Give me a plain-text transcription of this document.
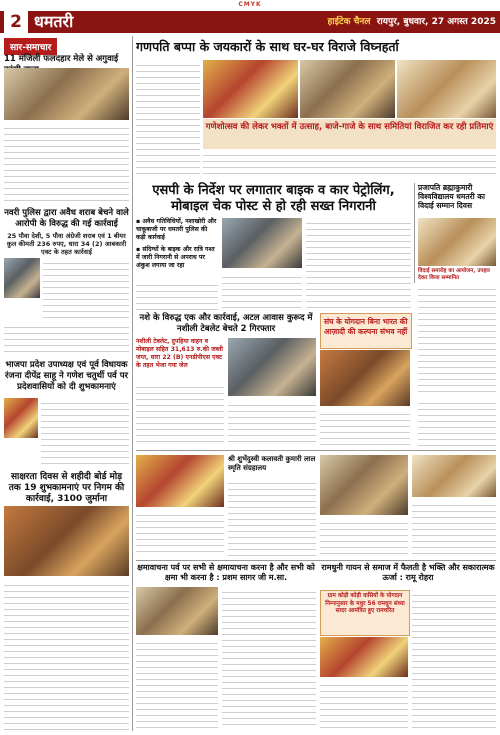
CMYK
2 धमतरी	हाईटेक चैनल रायपुर, बुधवार, 27 अगस्त 2025
सार-समाचार
11 मंजिली फलदहार मेले से अगुवाई
नवरी पुलिस द्वारा अवैध शराब बेचने वाले आरोपी के विरुद्ध की गई कार्रवाई
25 पौवा देशी, 5 पौवा अंग्रेजी शराब एवं 1 बीयर कुल कीमती 236 रुपए, धारा 34 (2) आबकारी एक्ट के तहत कार्रवाई
भाजपा प्रदेश उपाध्यक्ष एवं पूर्व विधायक रंजना दीपेंद्र साहू ने गणेश चतुर्थी पर्व पर प्रदेशवासियों को दी शुभकामनाएं
साक्षरता दिवस से शहीदी बोर्ड मोड़ तक 19 शुभकामनाएं पर निगम की कार्रवाई, 3100 जुर्माना
गणपति बप्पा के जयकारों के साथ घर-घर विराजे विघ्नहर्ता
गणेशोत्सव की लेकर भक्तों में उत्साह, बाजे-गाजे के साथ समितियां विराजित कर रही प्रतिमाएं
एसपी के निर्देश पर लगातार बाइक व कार पेट्रोलिंग, मोबाइल चेक पोस्ट से हो रही सख्त निगरानी
▪ अवैध गतिविधियों, नशाखोरी और चाकूबाजी पर धमतरी पुलिस की कड़ी कार्रवाई
▪ संदिग्धों के बाइक और रात्रि गश्त में जारी निगरानी से अपराध पर अंकुश लगाया जा रहा
प्रजापति ब्रह्माकुमारी विश्वविद्यालय धमतरी का विदाई सम्मान दिवस
विदाई समारोह का आयोजन, उपहार देकर किया सम्मानित
नशे के विरुद्ध एक और कार्रवाई, अटल आवास कुरूद में नशीली टेबलेट बेचते 2 गिरफ्तार
नशीली टेबलेट, दुपहिया वाहन व मोबाइल सहित 31,613 रु.की जब्ती जप्त, धारा 22 (B) एनडीपीएस एक्ट के तहत भेजा गया जेल
संघ के योगदान बिना भारत की आज़ादी की कल्पना संभव नहीं
श्री शुभेंदुस्वी कलावती कुमारी लाल स्मृति संग्रहालय
क्षमावाचना पर्व पर सभी से क्षमायाचना करना है और सभी को क्षमा भी करना है : प्रशम सागर जी म.सा.
रामधुनी गायन से समाज में फैलती है भक्ति और सकारात्मक ऊर्जा : रामू रोहरा
ग्राम कोड़ी कोड़ी वासियों के योगदान निम्नानुसार के मधुर 56 रामधुन संध्या सादर आमंत्रित हुए रामचरित
